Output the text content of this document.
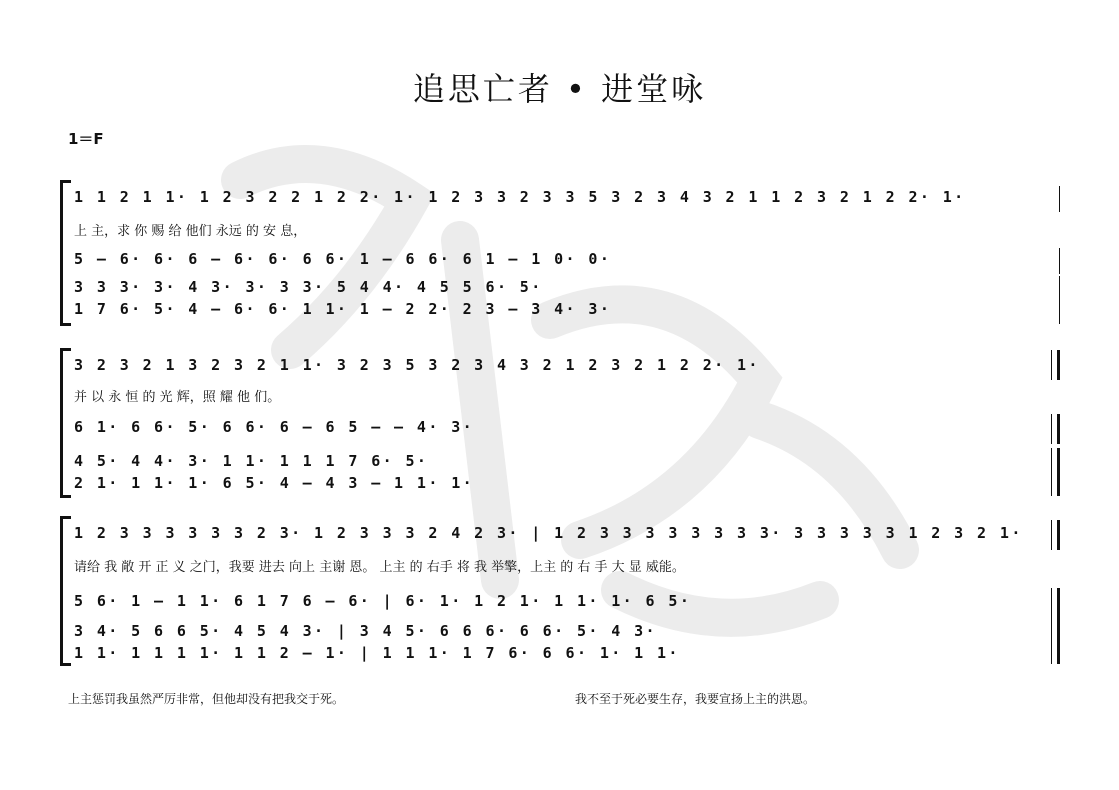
追思亡者 • 进堂咏
1＝F
1 1 2 1 1· 1 2 3 2 2 1 2 2· 1· 1 2 3 3 2 3 3 5 3 2 3 4 3 2 1 1 2 3 2 1 2 2· 1·
上 主，求 你 赐 给 他们 永远 的 安 息，
5 — 6· 6· 6 — 6· 6· 6 6· 1 — 6 6· 6 1 — 1 0· 0·
3 3 3· 3· 4 3· 3· 3 3· 5 4 4· 4 5 5 6· 5·
1 7 6· 5· 4 — 6· 6· 1 1· 1 — 2 2· 2 3 — 3 4· 3·
3 2 3 2 1 3 2 3 2 1 1· 3 2 3 5 3 2 3 4 3 2 1 2 3 2 1 2 2· 1·
并 以 永 恒 的 光 辉，照 耀 他 们。
6 1· 6 6· 5· 6 6· 6 — 6 5 — — 4· 3·
4 5· 4 4· 3· 1 1· 1 1 1 7 6· 5·
2 1· 1 1· 1· 6 5· 4 — 4 3 — 1 1· 1·
1 2 3 3 3 3 3 3 2 3· 1 2 3 3 3 2 4 2 3· | 1 2 3 3 3 3 3 3 3 3· 3 3 3 3 3 1 2 3 2 1·
请给 我 敞 开 正 义 之门，我要 进去 向上 主谢 恩。 上主 的 右手 将 我 举擎，上主 的 右 手 大 显 威能。
5 6· 1 — 1 1· 6 1 7 6 — 6· | 6· 1· 1 2 1· 1 1· 1· 6 5·
3 4· 5 6 6 5· 4 5 4 3· | 3 4 5· 6 6 6· 6 6· 5· 4 3·
1 1· 1 1 1 1· 1 1 2 — 1· | 1 1 1· 1 7 6· 6 6· 1· 1 1·
上主惩罚我虽然严厉非常，但他却没有把我交于死。	我不至于死必要生存，我要宣扬上主的洪恩。
